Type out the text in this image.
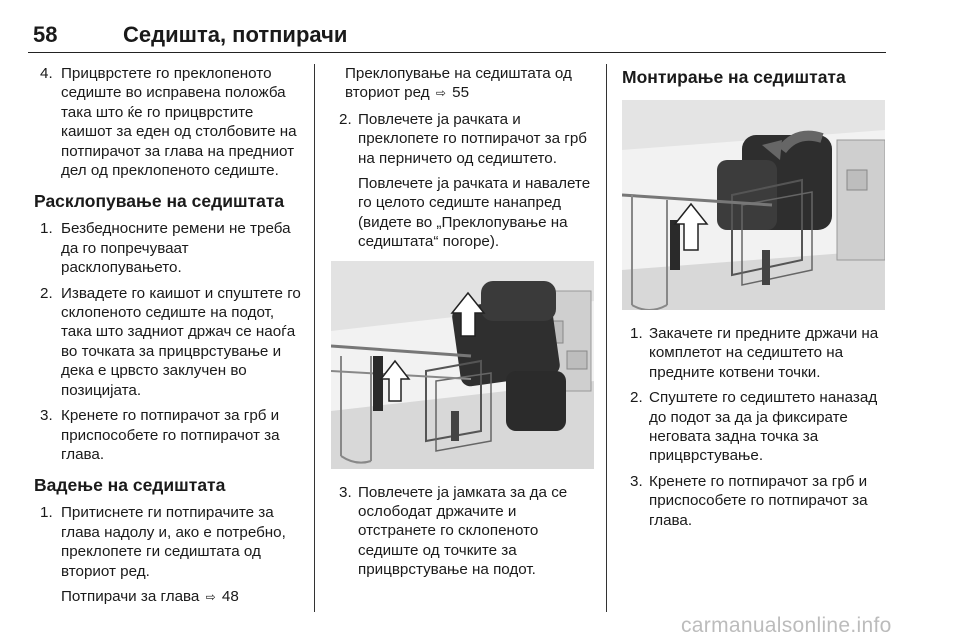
58	Седишта, потпирачи
4. Прицврстете го преклопеното седиште во исправена положба така што ќе го прицврстите каишот за еден од столбовите на потпирачот за глава на предниот дел од преклопеното седиште.
Расклопување на седиштата
1. Безбедносните ремени не треба да го попречуваат расклопувањето.
2. Извадете го каишот и спуштете го склопеното седиште на подот, така што задниот држач се наоѓа во точката за прицврстување и дека е црвсто заклучен во позицијата.
3. Кренете го потпирачот за грб и приспособете го потпирачот за глава.
Вадење на седиштата
1. Притиснете ги потпирачите за глава надолу и, ако е потребно, преклопете ги седиштата од вториот ред.
Потпирачи за глава ⇨ 48
Преклопување на седиштата од вториот ред ⇨ 55
2. Повлечете ја рачката и преклопете го потпирачот за грб на перничето од седиштето.
Повлечете ја рачката и навалете го целото седиште нанапред (видете во „Преклопување на седиштата“ погоре).
3. Повлечете ја јамката за да се ослободат држачите и отстранете го склопеното седиште од точките за прицврстување на подот.
Монтирање на седиштата
1. Закачете ги предните држачи на комплетот на седиштето на предните котвени точки.
2. Спуштете го седиштето наназад до подот за да ја фиксирате неговата задна точка за прицврстување.
3. Кренете го потпирачот за грб и приспособете го потпирачот за глава.
carmanualsonline.info
